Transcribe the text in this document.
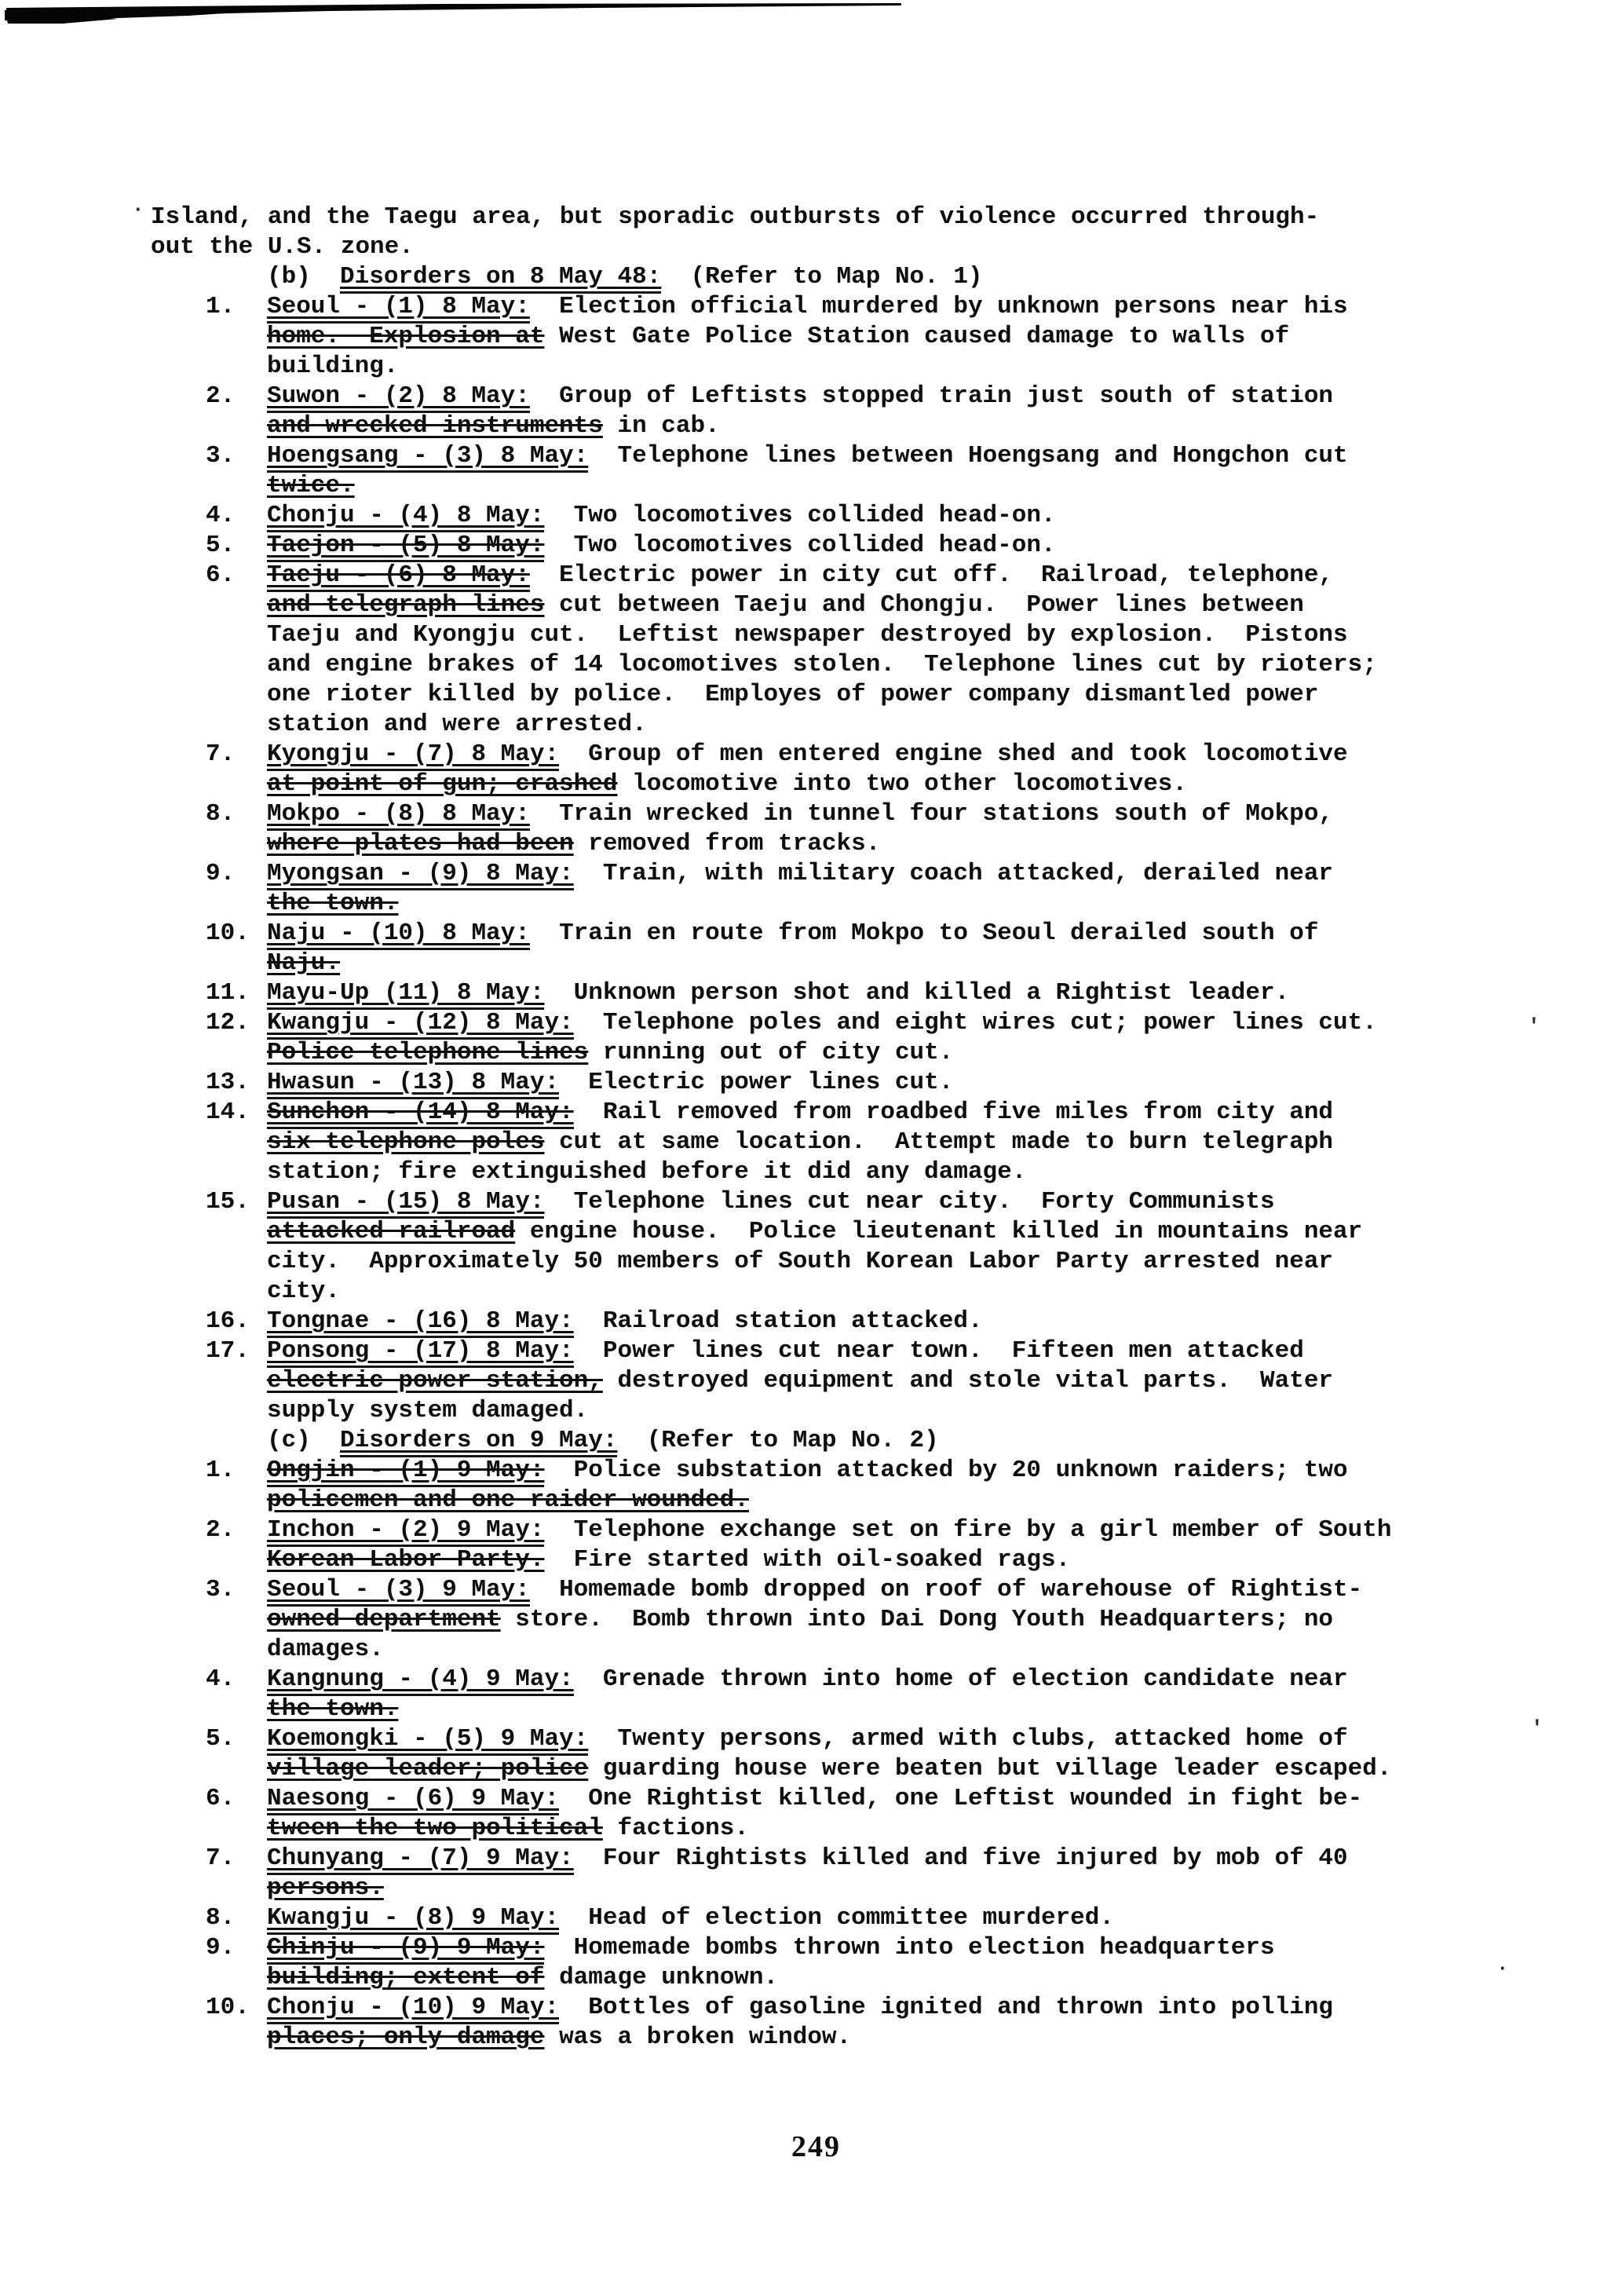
Island, and the Taegu area, but sporadic outbursts of violence occurred through-
out the U.S. zone.
(b)  Disorders on 8 May 48:  (Refer to Map No. 1)
1. Seoul - (1) 8 May:  Election official murdered by unknown persons near his
home.  Explosion at West Gate Police Station caused damage to walls of
building.
2. Suwon - (2) 8 May:  Group of Leftists stopped train just south of station
and wrecked instruments in cab.
3. Hoengsang - (3) 8 May:  Telephone lines between Hoengsang and Hongchon cut
twice.
4. Chonju - (4) 8 May:  Two locomotives collided head-on.
5. Taejon - (5) 8 May:  Two locomotives collided head-on.
6. Taeju - (6) 8 May:  Electric power in city cut off.  Railroad, telephone,
and telegraph lines cut between Taeju and Chongju.  Power lines between
Taeju and Kyongju cut.  Leftist newspaper destroyed by explosion.  Pistons
and engine brakes of 14 locomotives stolen.  Telephone lines cut by rioters;
one rioter killed by police.  Employes of power company dismantled power
station and were arrested.
7. Kyongju - (7) 8 May:  Group of men entered engine shed and took locomotive
at point of gun; crashed locomotive into two other locomotives.
8. Mokpo - (8) 8 May:  Train wrecked in tunnel four stations south of Mokpo,
where plates had been removed from tracks.
9. Myongsan - (9) 8 May:  Train, with military coach attacked, derailed near
the town.
10. Naju - (10) 8 May:  Train en route from Mokpo to Seoul derailed south of
Naju.
11. Mayu-Up (11) 8 May:  Unknown person shot and killed a Rightist leader.
12. Kwangju - (12) 8 May:  Telephone poles and eight wires cut; power lines cut.
Police telephone lines running out of city cut.
13. Hwasun - (13) 8 May:  Electric power lines cut.
14. Sunchon - (14) 8 May:  Rail removed from roadbed five miles from city and
six telephone poles cut at same location.  Attempt made to burn telegraph
station; fire extinguished before it did any damage.
15. Pusan - (15) 8 May:  Telephone lines cut near city.  Forty Communists
attacked railroad engine house.  Police lieutenant killed in mountains near
city.  Approximately 50 members of South Korean Labor Party arrested near
city.
16. Tongnae - (16) 8 May:  Railroad station attacked.
17. Ponsong - (17) 8 May:  Power lines cut near town.  Fifteen men attacked
electric power station, destroyed equipment and stole vital parts.  Water
supply system damaged.
(c)  Disorders on 9 May:  (Refer to Map No. 2)
1. Ongjin - (1) 9 May:  Police substation attacked by 20 unknown raiders; two
policemen and one raider wounded.
2. Inchon - (2) 9 May:  Telephone exchange set on fire by a girl member of South
Korean Labor Party.  Fire started with oil-soaked rags.
3. Seoul - (3) 9 May:  Homemade bomb dropped on roof of warehouse of Rightist-
owned department store.  Bomb thrown into Dai Dong Youth Headquarters; no
damages.
4. Kangnung - (4) 9 May:  Grenade thrown into home of election candidate near
the town.
5. Koemongki - (5) 9 May:  Twenty persons, armed with clubs, attacked home of
village leader; police guarding house were beaten but village leader escaped.
6. Naesong - (6) 9 May:  One Rightist killed, one Leftist wounded in fight be-
tween the two political factions.
7. Chunyang - (7) 9 May:  Four Rightists killed and five injured by mob of 40
persons.
8. Kwangju - (8) 9 May:  Head of election committee murdered.
9. Chinju - (9) 9 May:  Homemade bombs thrown into election headquarters
building; extent of damage unknown.
10. Chonju - (10) 9 May:  Bottles of gasoline ignited and thrown into polling
places; only damage was a broken window.
249
·
'
'
·
